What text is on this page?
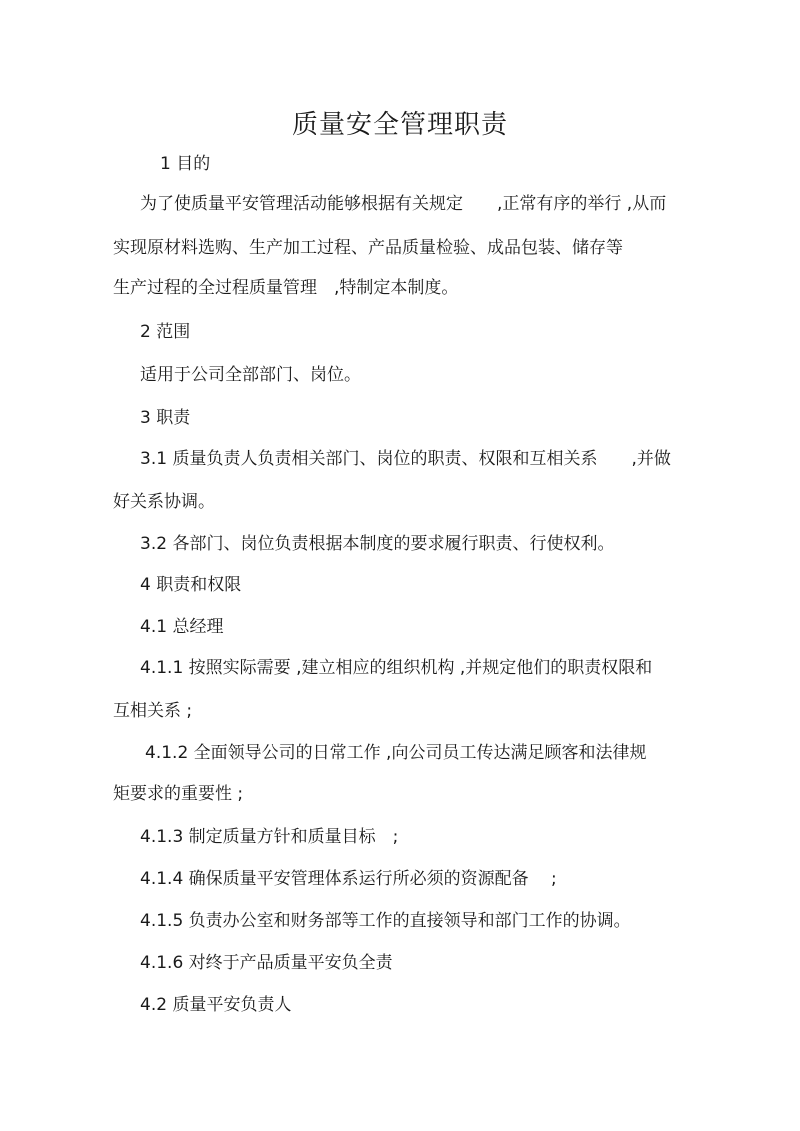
质量安全管理职责

1 目的

为了使质量平安管理活动能够根据有关规定　　,正常有序的举行 ,从而

实现原材料选购、生产加工过程、产品质量检验、成品包装、储存等

生产过程的全过程质量管理　,特制定本制度。

2 范围

适用于公司全部部门、岗位。

3 职责

3.1 质量负责人负责相关部门、岗位的职责、权限和互相关系　　,并做

好关系协调。

3.2 各部门、岗位负责根据本制度的要求履行职责、行使权利。

4 职责和权限

4.1 总经理

4.1.1 按照实际需要 ,建立相应的组织机构 ,并规定他们的职责权限和

互相关系 ;

4.1.2 全面领导公司的日常工作 ,向公司员工传达满足顾客和法律规

矩要求的重要性 ;

4.1.3 制定质量方针和质量目标　;

4.1.4 确保质量平安管理体系运行所必须的资源配备　 ;

4.1.5 负责办公室和财务部等工作的直接领导和部门工作的协调。

4.1.6 对终于产品质量平安负全责

4.2 质量平安负责人
